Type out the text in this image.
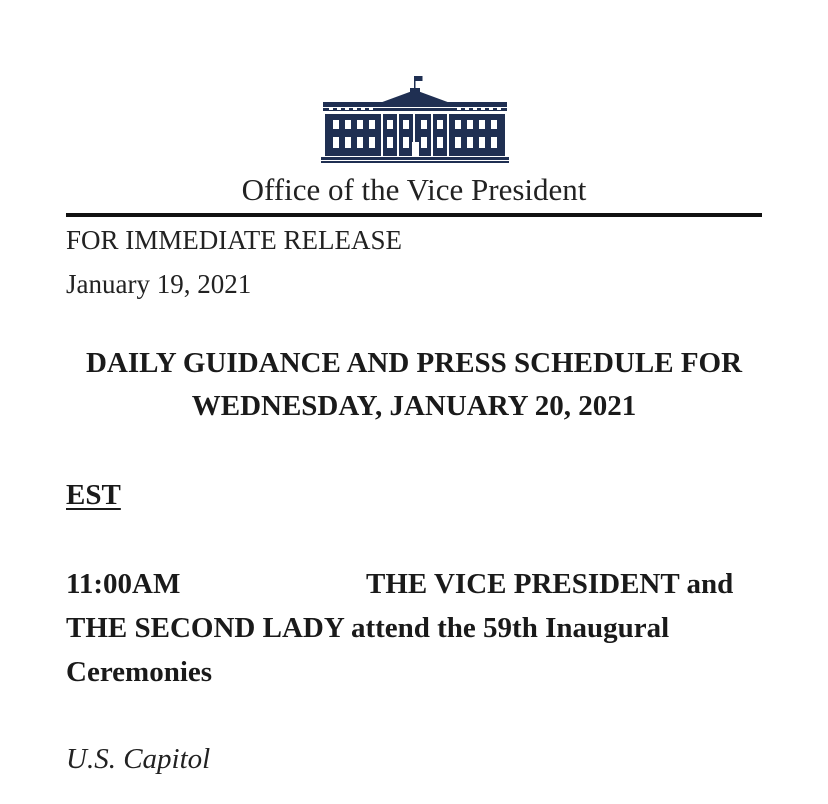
Office of the Vice President
FOR IMMEDIATE RELEASE
January 19, 2021
DAILY GUIDANCE AND PRESS SCHEDULE FOR
WEDNESDAY, JANUARY 20, 2021
EST
11:00AM	THE VICE PRESIDENT and
THE SECOND LADY attend the 59th Inaugural
Ceremonies
U.S. Capitol
